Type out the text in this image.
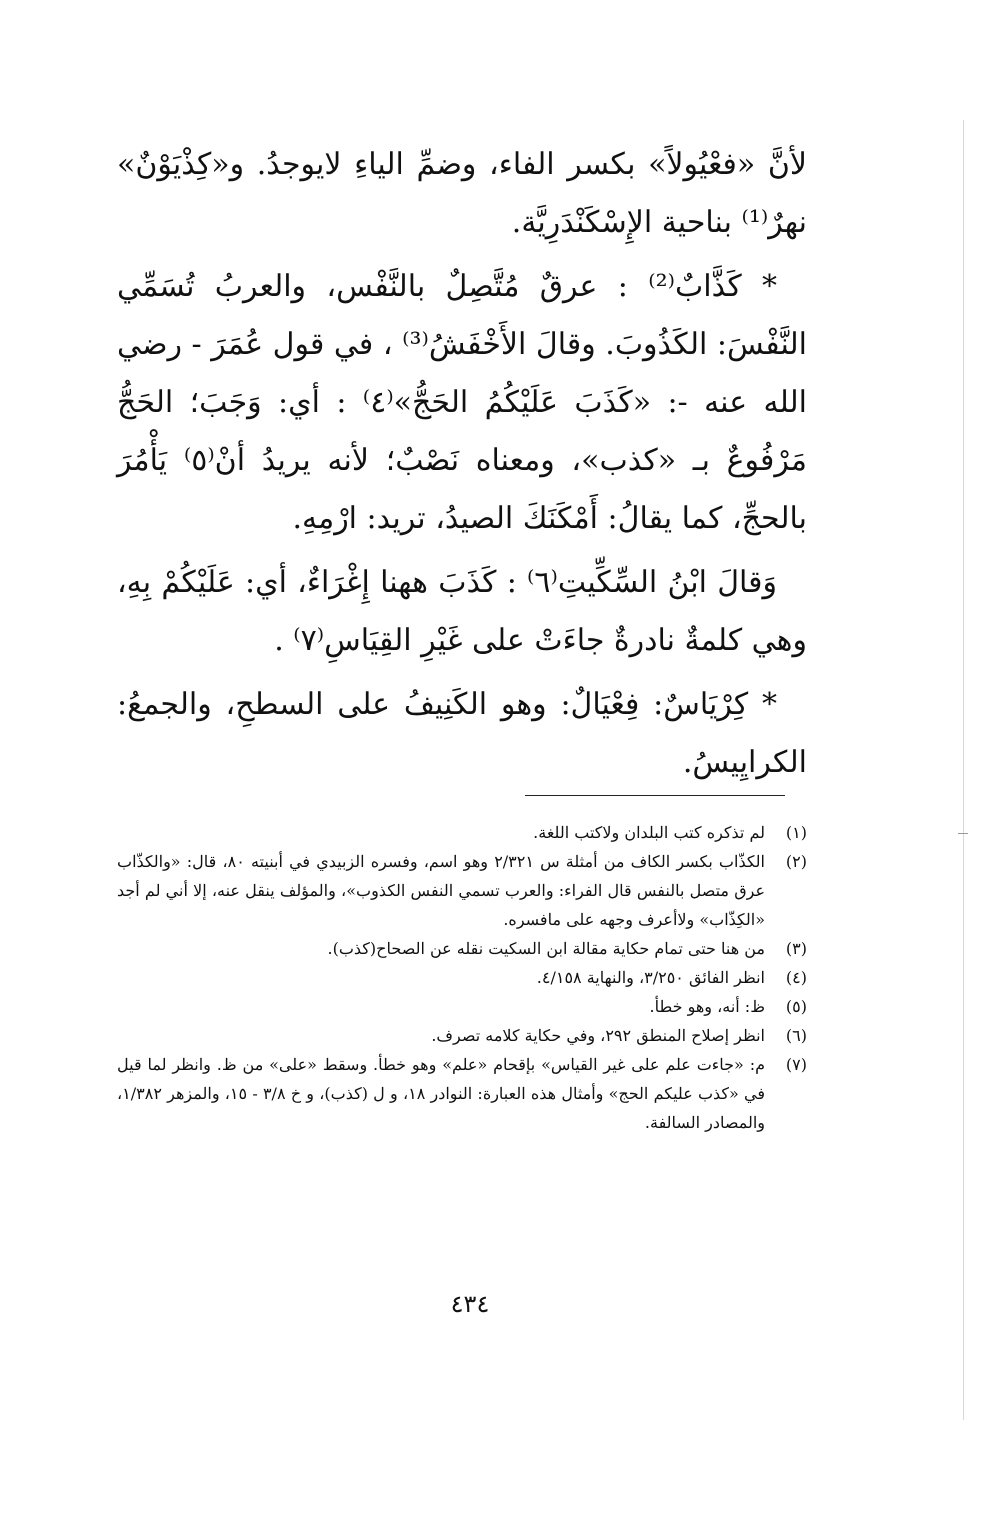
لأنَّ «فعْيُولاً» بكسر الفاء، وضمِّ الياءِ لايوجدُ. و«كِذْيَوْنٌ» نهرٌ⁽¹⁾ بناحية الإِسْكَنْدَرِيَّة.

* كَذَّابٌ⁽²⁾ : عرقٌ مُتَّصِلٌ بالنَّفْس، والعربُ تُسَمِّي النَّفْسَ: الكَذُوبَ. وقالَ الأَخْفَشُ⁽³⁾ ، في قول عُمَرَ - رضي الله عنه -: «كَذَبَ عَلَيْكُمُ الحَجُّ»⁽٤⁾ : أي: وَجَبَ؛ الحَجُّ مَرْفُوعٌ بـ «كذب»، ومعناه نَصْبٌ؛ لأنه يريدُ أنْ⁽٥⁾ يَأْمُرَ بالحجِّ، كما يقالُ: أَمْكَنَكَ الصيدُ، تريد: ارْمِهِ.

وَقالَ ابْنُ السِّكِّيتِ⁽٦⁾ : كَذَبَ ههنا إِغْرَاءٌ، أي: عَلَيْكُمْ بِهِ، وهي كلمةٌ نادرةٌ جاءَتْ على غَيْرِ القِيَاسِ⁽٧⁾ .

* كِرْيَاسٌ: فِعْيَالٌ: وهو الكَنِيفُ على السطحِ، والجمعُ: الكرايِيسُ.

(١)
لم تذكره كتب البلدان ولاكتب اللغة.

(٢)
الكذّاب بكسر الكاف من أمثلة س ٢/٣٢١ وهو اسم، وفسره الزبيدي في أبنيته ٨٠، قال: «والكذّاب عرق متصل بالنفس قال الفراء: والعرب تسمي النفس الكذوب»، والمؤلف ينقل عنه، إلا أني لم أجد «الكِذّاب» ولاأعرف وجهه على مافسره.

(٣)
من هنا حتى تمام حكاية مقالة ابن السكيت نقله عن الصحاح(كذب).

(٤)
انظر الفائق ٣/٢٥٠، والنهاية ٤/١٥٨.

(٥)
ظ: أنه، وهو خطأ.

(٦)
انظر إصلاح المنطق ٢٩٢، وفي حكاية كلامه تصرف.

(٧)
م: «جاءت علم على غير القياس» بإقحام «علم» وهو خطأ. وسقط «على» من ظ. وانظر لما قيل في «كذب عليكم الحج» وأمثال هذه العبارة: النوادر ١٨، و ل (كذب)، و خ ٣/٨ - ١٥، والمزهر ١/٣٨٢، والمصادر السالفة.

٤٣٤
